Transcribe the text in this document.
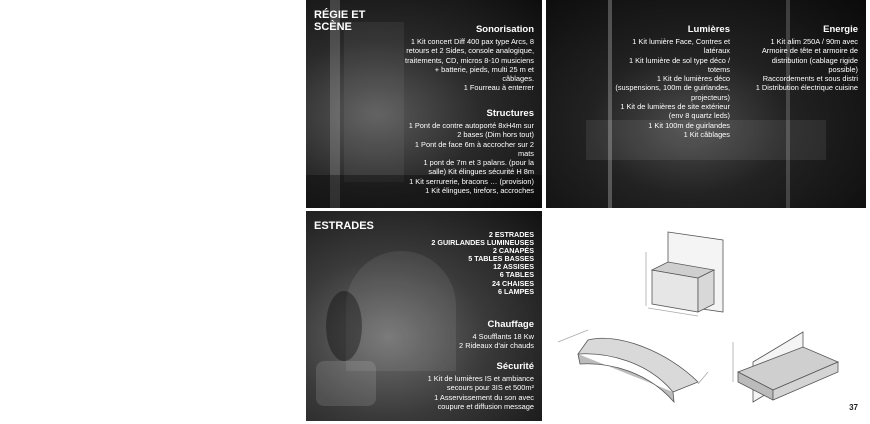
RÉGIE ET
SCÈNE	Sonorisation

1 Kit concert Diff 400 pax type Arcs, 8

retours et 2 Sides, console analogique,

traitements, CD, micros 8-10 musiciens

+ batterie, pieds, multi 25 m et

câblages.

1 Fourreau à enterrer

Structures

1 Pont de contre autoporté 8xH4m sur

2 bases (Dim hors tout)

1 Pont de face 6m à accrocher sur 2

mats

1 pont de 7m et 3 palans. (pour la

salle) Kit élingues sécurité H 8m

1 Kit serrurerie, bracons … (provision)

1 Kit élingues, tirefors, accroches

Lumières

1 Kit lumière Face, Contres et

latéraux

1 Kit lumière de sol type déco /

totems

1 Kit de lumières déco

(suspensions, 100m de guirlandes,

projecteurs)

1 Kit de lumières de site extérieur

(env 8 quartz leds)

1 Kit 100m de guirlandes

1 Kit câblages

Energie

1 Kit alim 250A / 90m avec

Armoire de tête et armoire de

distribution (cablage rigide

possible)

Raccordements et sous distri

1 Distribution électrique cuisine

ESTRADES

2 ESTRADES

2 GUIRLANDES LUMINEUSES

2 CANAPÉS

5 TABLES BASSES

12 ASSISES

6 TABLES

24 CHAISES

6 LAMPES

Chauffage

4 Soufflants 18 Kw

2 Rideaux d'air chauds

Sécurité

1 Kit de lumières IS et ambiance

secours pour 3IS et 500m²

1 Asservissement du son avec

coupure et diffusion message	37
